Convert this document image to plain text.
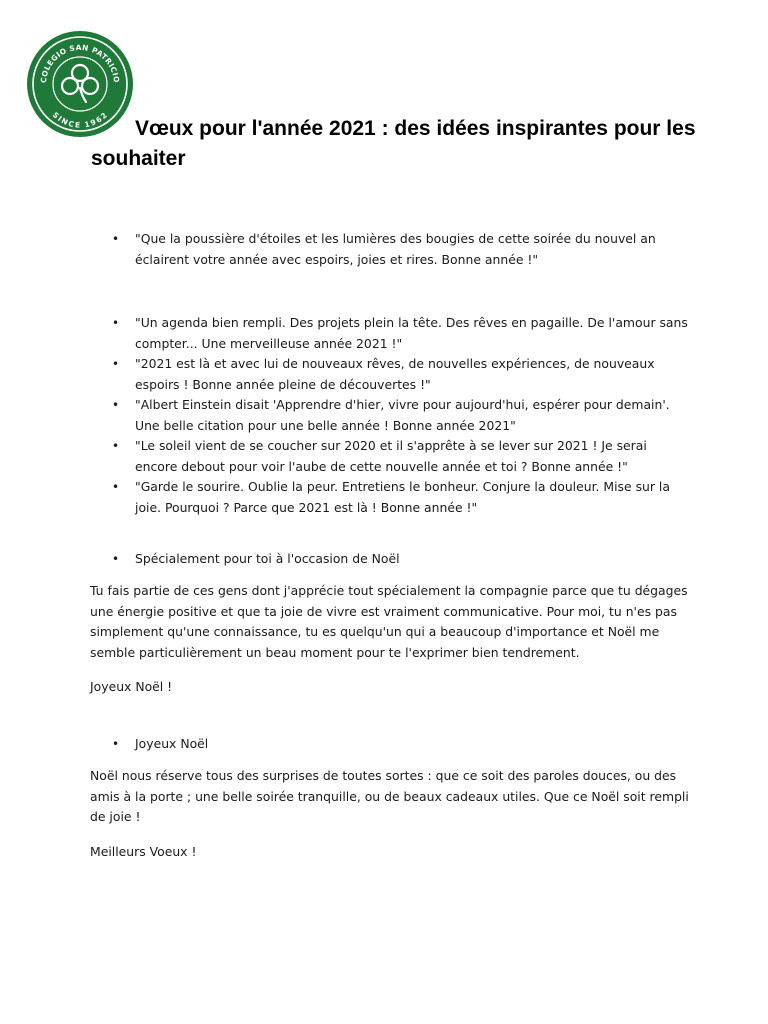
COLEGIO SAN PATRICIO
SINCE 1962
Vœux pour l'année 2021 : des idées inspirantes pour les souhaiter
• "Que la poussière d'étoiles et les lumières des bougies de cette soirée du nouvel an éclairent votre année avec espoirs, joies et rires. Bonne année !"
• "Un agenda bien rempli. Des projets plein la tête. Des rêves en pagaille. De l'amour sans compter... Une merveilleuse année 2021 !"
• "2021 est là et avec lui de nouveaux rêves, de nouvelles expériences, de nouveaux espoirs ! Bonne année pleine de découvertes !"
• "Albert Einstein disait 'Apprendre d'hier, vivre pour aujourd'hui, espérer pour demain'. Une belle citation pour une belle année ! Bonne année 2021"
• "Le soleil vient de se coucher sur 2020 et il s'apprête à se lever sur 2021 ! Je serai encore debout pour voir l'aube de cette nouvelle année et toi ? Bonne année !"
• "Garde le sourire. Oublie la peur. Entretiens le bonheur. Conjure la douleur. Mise sur la joie. Pourquoi ? Parce que 2021 est là ! Bonne année !"
• Spécialement pour toi à l'occasion de Noël

Tu fais partie de ces gens dont j'apprécie tout spécialement la compagnie parce que tu dégages une énergie positive et que ta joie de vivre est vraiment communicative. Pour moi, tu n'es pas simplement qu'une connaissance, tu es quelqu'un qui a beaucoup d'importance et Noël me semble particulièrement un beau moment pour te l'exprimer bien tendrement.

Joyeux Noël !

• Joyeux Noël

Noël nous réserve tous des surprises de toutes sortes : que ce soit des paroles douces, ou des amis à la porte ; une belle soirée tranquille, ou de beaux cadeaux utiles. Que ce Noël soit rempli de joie !

Meilleurs Voeux !
